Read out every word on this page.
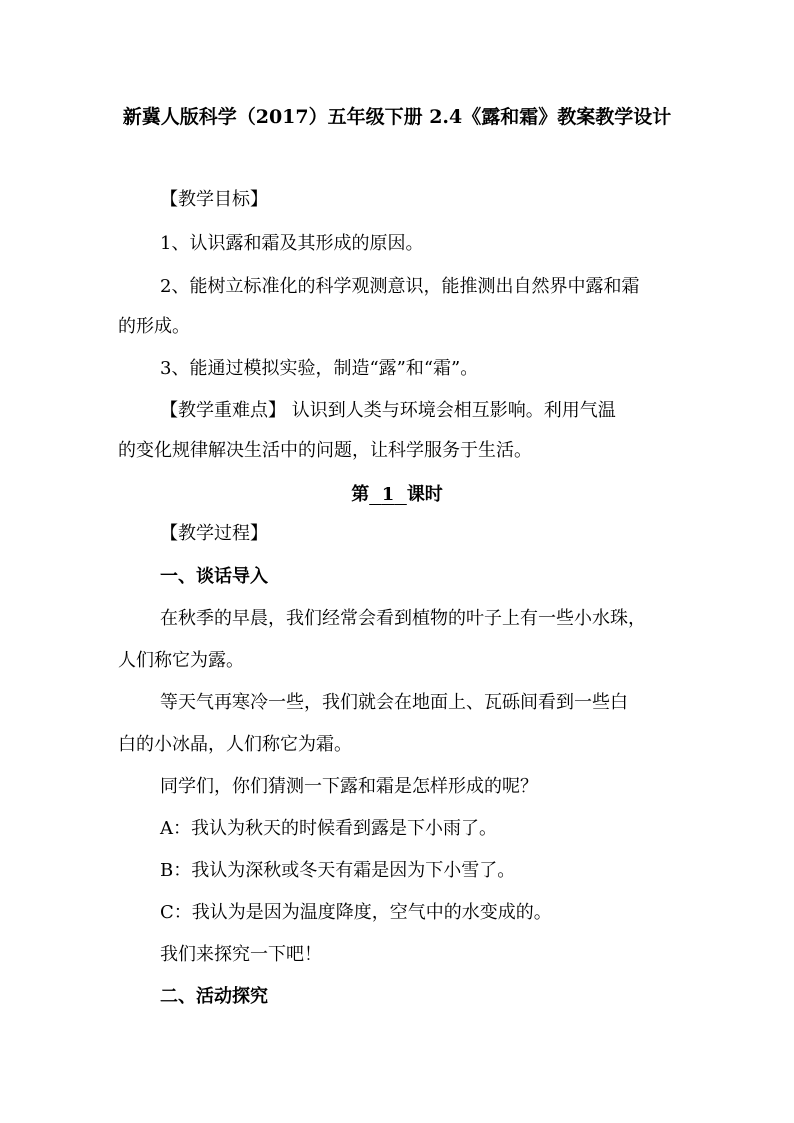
新冀人版科学（2017）五年级下册 2.4《露和霜》教案教学设计
【教学目标】
1、认识露和霜及其形成的原因。
2、能树立标准化的科学观测意识，能推测出自然界中露和霜
的形成。
3、能通过模拟实验，制造“露”和“霜”。
【教学重难点】 认识到人类与环境会相互影响。利用气温
的变化规律解决生活中的问题，让科学服务于生活。
第 1 课时
【教学过程】
一、谈话导入
在秋季的早晨，我们经常会看到植物的叶子上有一些小水珠，
人们称它为露。
等天气再寒冷一些，我们就会在地面上、瓦砾间看到一些白
白的小冰晶，人们称它为霜。
同学们，你们猜测一下露和霜是怎样形成的呢？
A：我认为秋天的时候看到露是下小雨了。
B：我认为深秋或冬天有霜是因为下小雪了。
C：我认为是因为温度降度，空气中的水变成的。
我们来探究一下吧！
二、活动探究
